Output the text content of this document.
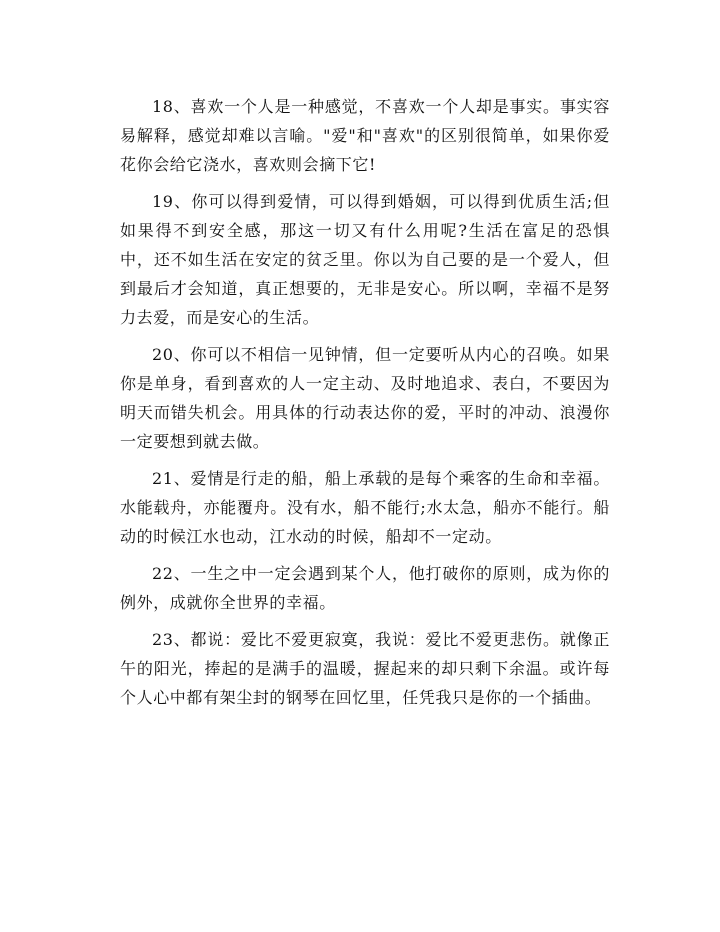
18、喜欢一个人是一种感觉，不喜欢一个人却是事实。事实容易解释，感觉却难以言喻。"爱"和"喜欢"的区别很简单，如果你爱花你会给它浇水，喜欢则会摘下它!

19、你可以得到爱情，可以得到婚姻，可以得到优质生活;但如果得不到安全感，那这一切又有什么用呢?生活在富足的恐惧中，还不如生活在安定的贫乏里。你以为自己要的是一个爱人，但到最后才会知道，真正想要的，无非是安心。所以啊，幸福不是努力去爱，而是安心的生活。

20、你可以不相信一见钟情，但一定要听从内心的召唤。如果你是单身，看到喜欢的人一定主动、及时地追求、表白，不要因为明天而错失机会。用具体的行动表达你的爱，平时的冲动、浪漫你一定要想到就去做。

21、爱情是行走的船，船上承载的是每个乘客的生命和幸福。水能载舟，亦能覆舟。没有水，船不能行;水太急，船亦不能行。船动的时候江水也动，江水动的时候，船却不一定动。

22、一生之中一定会遇到某个人，他打破你的原则，成为你的例外，成就你全世界的幸福。

23、都说：爱比不爱更寂寞，我说：爱比不爱更悲伤。就像正午的阳光，捧起的是满手的温暖，握起来的却只剩下余温。或许每个人心中都有架尘封的钢琴在回忆里，任凭我只是你的一个插曲。
